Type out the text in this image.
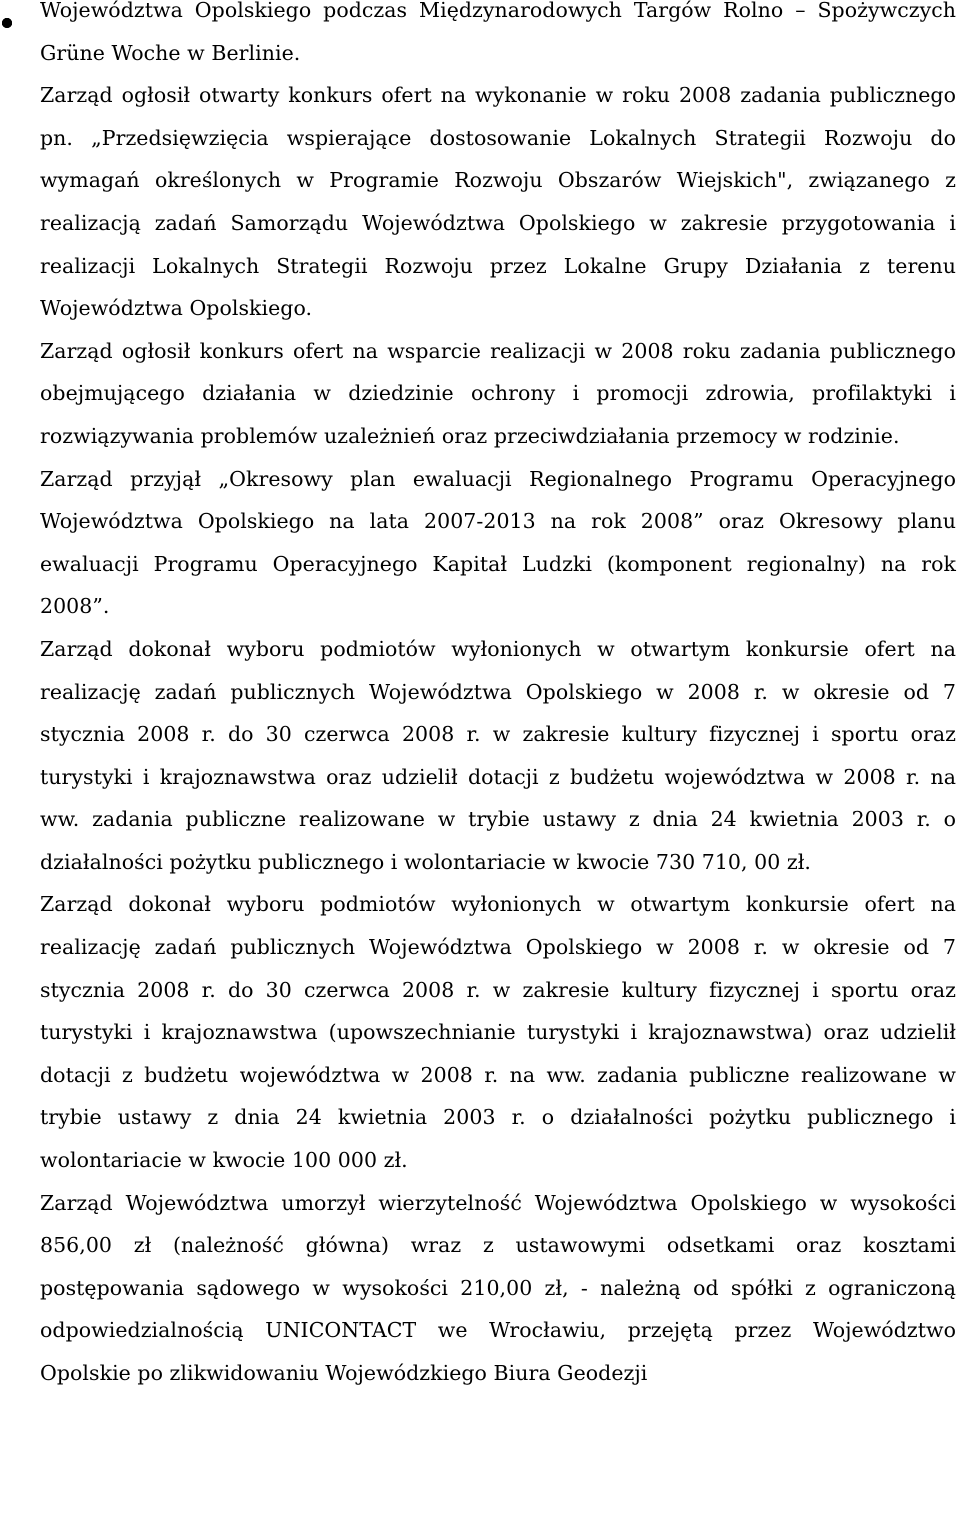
Województwa Opolskiego podczas Międzynarodowych Targów Rolno – Spożywczych Grüne Woche w Berlinie.

Zarząd ogłosił otwarty konkurs ofert na wykonanie w roku 2008 zadania publicznego pn. „Przedsięwzięcia wspierające dostosowanie Lokalnych Strategii Rozwoju do wymagań określonych w Programie Rozwoju Obszarów Wiejskich", związanego z realizacją zadań Samorządu Województwa Opolskiego w zakresie przygotowania i realizacji Lokalnych Strategii Rozwoju przez Lokalne Grupy Działania z terenu Województwa Opolskiego.

Zarząd ogłosił konkurs ofert na wsparcie realizacji w 2008 roku zadania publicznego obejmującego działania w dziedzinie ochrony i promocji zdrowia, profilaktyki i rozwiązywania problemów uzależnień oraz przeciwdziałania przemocy w rodzinie.

Zarząd przyjął „Okresowy plan ewaluacji Regionalnego Programu Operacyjnego Województwa Opolskiego na lata 2007-2013 na rok 2008” oraz Okresowy planu ewaluacji Programu Operacyjnego Kapitał Ludzki (komponent regionalny) na rok 2008”.

Zarząd dokonał wyboru podmiotów wyłonionych w otwartym konkursie ofert na realizację zadań publicznych Województwa Opolskiego w 2008 r. w okresie od 7 stycznia 2008 r. do 30 czerwca 2008 r. w zakresie kultury fizycznej i sportu oraz turystyki i krajoznawstwa oraz udzielił dotacji z budżetu województwa w 2008 r. na ww. zadania publiczne realizowane w trybie ustawy z dnia 24 kwietnia 2003 r. o działalności pożytku publicznego i wolontariacie w kwocie 730 710, 00 zł.

Zarząd dokonał wyboru podmiotów wyłonionych w otwartym konkursie ofert na realizację zadań publicznych Województwa Opolskiego w 2008 r. w okresie od 7 stycznia 2008 r. do 30 czerwca 2008 r. w zakresie kultury fizycznej i sportu oraz turystyki i krajoznawstwa (upowszechnianie turystyki i krajoznawstwa) oraz udzielił dotacji z budżetu województwa w 2008 r. na ww. zadania publiczne realizowane w trybie ustawy z dnia 24 kwietnia 2003 r. o działalności pożytku publicznego i wolontariacie w kwocie 100 000 zł.

Zarząd Województwa umorzył wierzytelność Województwa Opolskiego w wysokości 856,00 zł (należność główna) wraz z ustawowymi odsetkami oraz kosztami postępowania sądowego w wysokości 210,00 zł, - należną od spółki z ograniczoną odpowiedzialnością UNICONTACT we Wrocławiu, przejętą przez Województwo Opolskie po zlikwidowaniu Wojewódzkiego Biura Geodezji
